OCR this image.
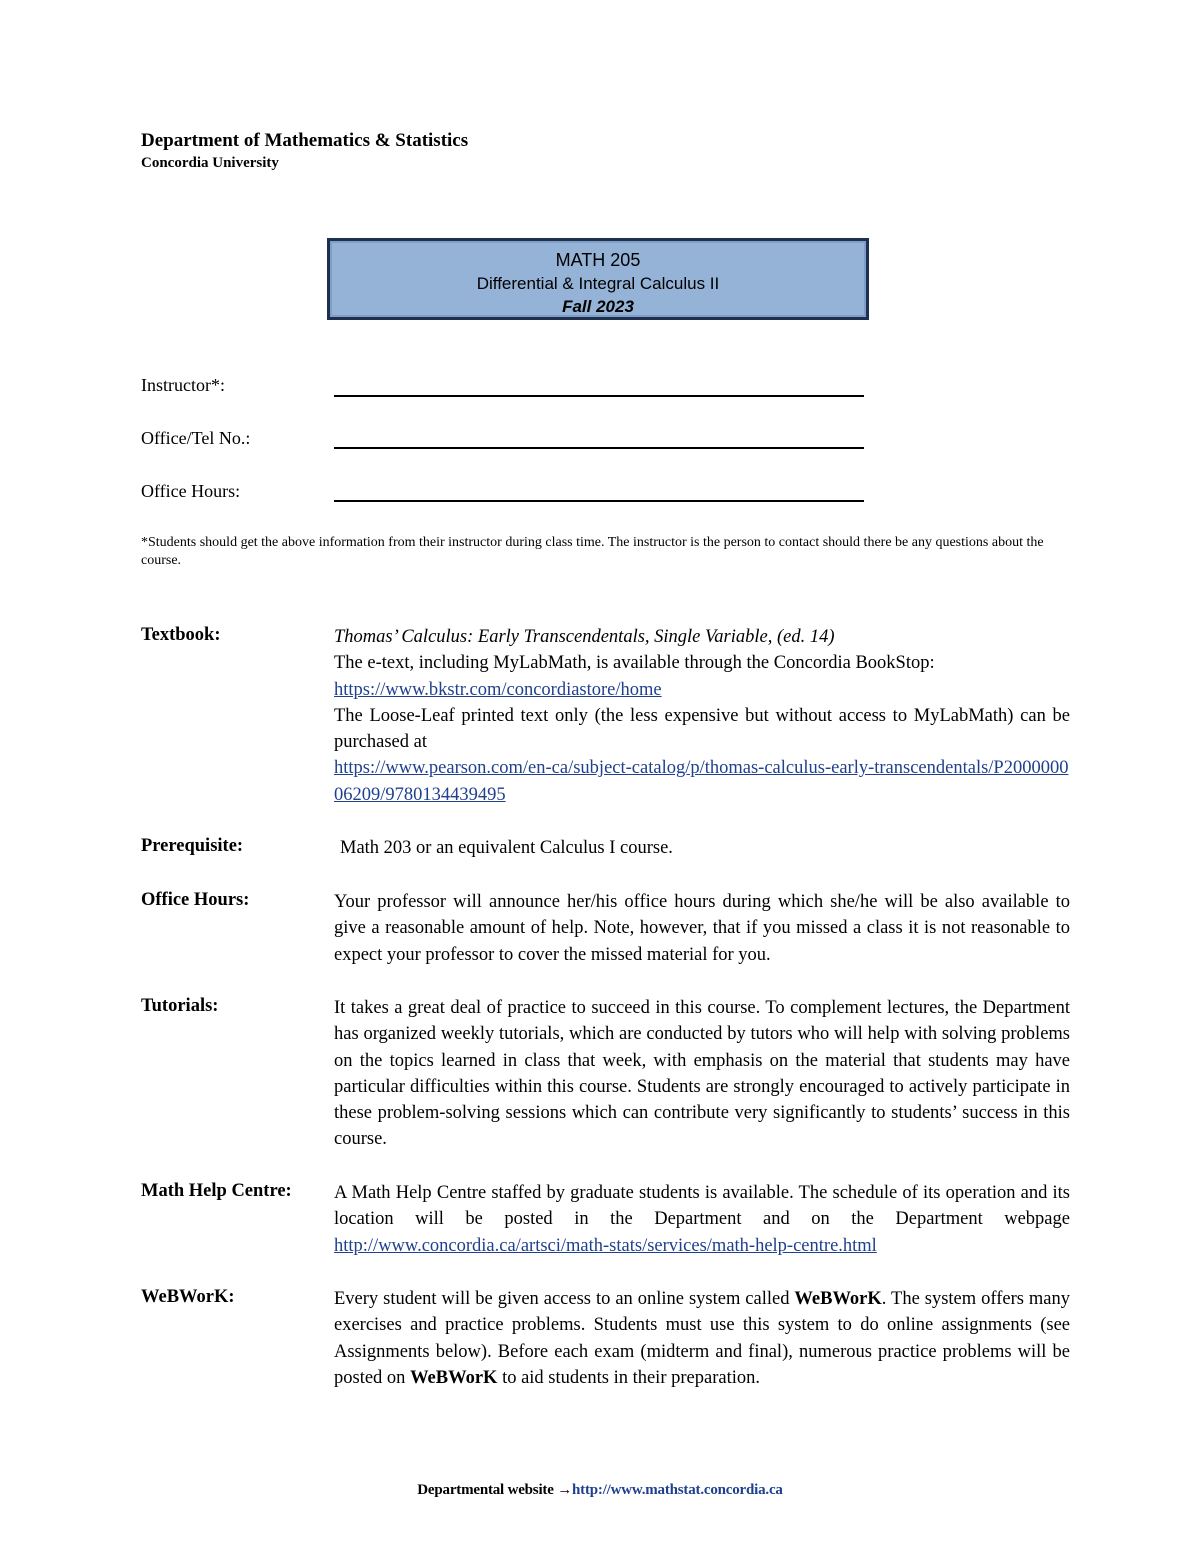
Department of Mathematics & Statistics
Concordia University
MATH 205
Differential & Integral Calculus II
Fall 2023
Instructor*:
Office/Tel No.:
Office Hours:
*Students should get the above information from their instructor during class time. The instructor is the person to contact should there be any questions about the course.
Textbook:	Thomas’ Calculus: Early Transcendentals, Single Variable, (ed. 14)

The e-text, including MyLabMath, is available through the Concordia BookStop:

https://www.bkstr.com/concordiastore/home

The Loose-Leaf printed text only (the less expensive but without access to MyLabMath) can be purchased at

https://www.pearson.com/en-ca/subject-catalog/p/thomas-calculus-early-transcendentals/P200000006209/9780134439495

Prerequisite:	Math 203 or an equivalent Calculus I course.
Office Hours:	Your professor will announce her/his office hours during which she/he will be also available to give a reasonable amount of help. Note, however, that if you missed a class it is not reasonable to expect your professor to cover the missed material for you.
Tutorials:	It takes a great deal of practice to succeed in this course. To complement lectures, the Department has organized weekly tutorials, which are conducted by tutors who will help with solving problems on the topics learned in class that week, with emphasis on the material that students may have particular difficulties within this course. Students are strongly encouraged to actively participate in these problem-solving sessions which can contribute very significantly to students’ success in this course.
Math Help Centre: A Math Help Centre staffed by graduate students is available. The schedule of its operation and its location will be posted in the Department and on the Department webpage http://www.concordia.ca/artsci/math-stats/services/math-help-centre.html
WeBWorK:	Every student will be given access to an online system called WeBWorK. The system offers many exercises and practice problems. Students must use this system to do online assignments (see Assignments below). Before each exam (midterm and final), numerous practice problems will be posted on WeBWorK to aid students in their preparation.
Departmental website →http://www.mathstat.concordia.ca
